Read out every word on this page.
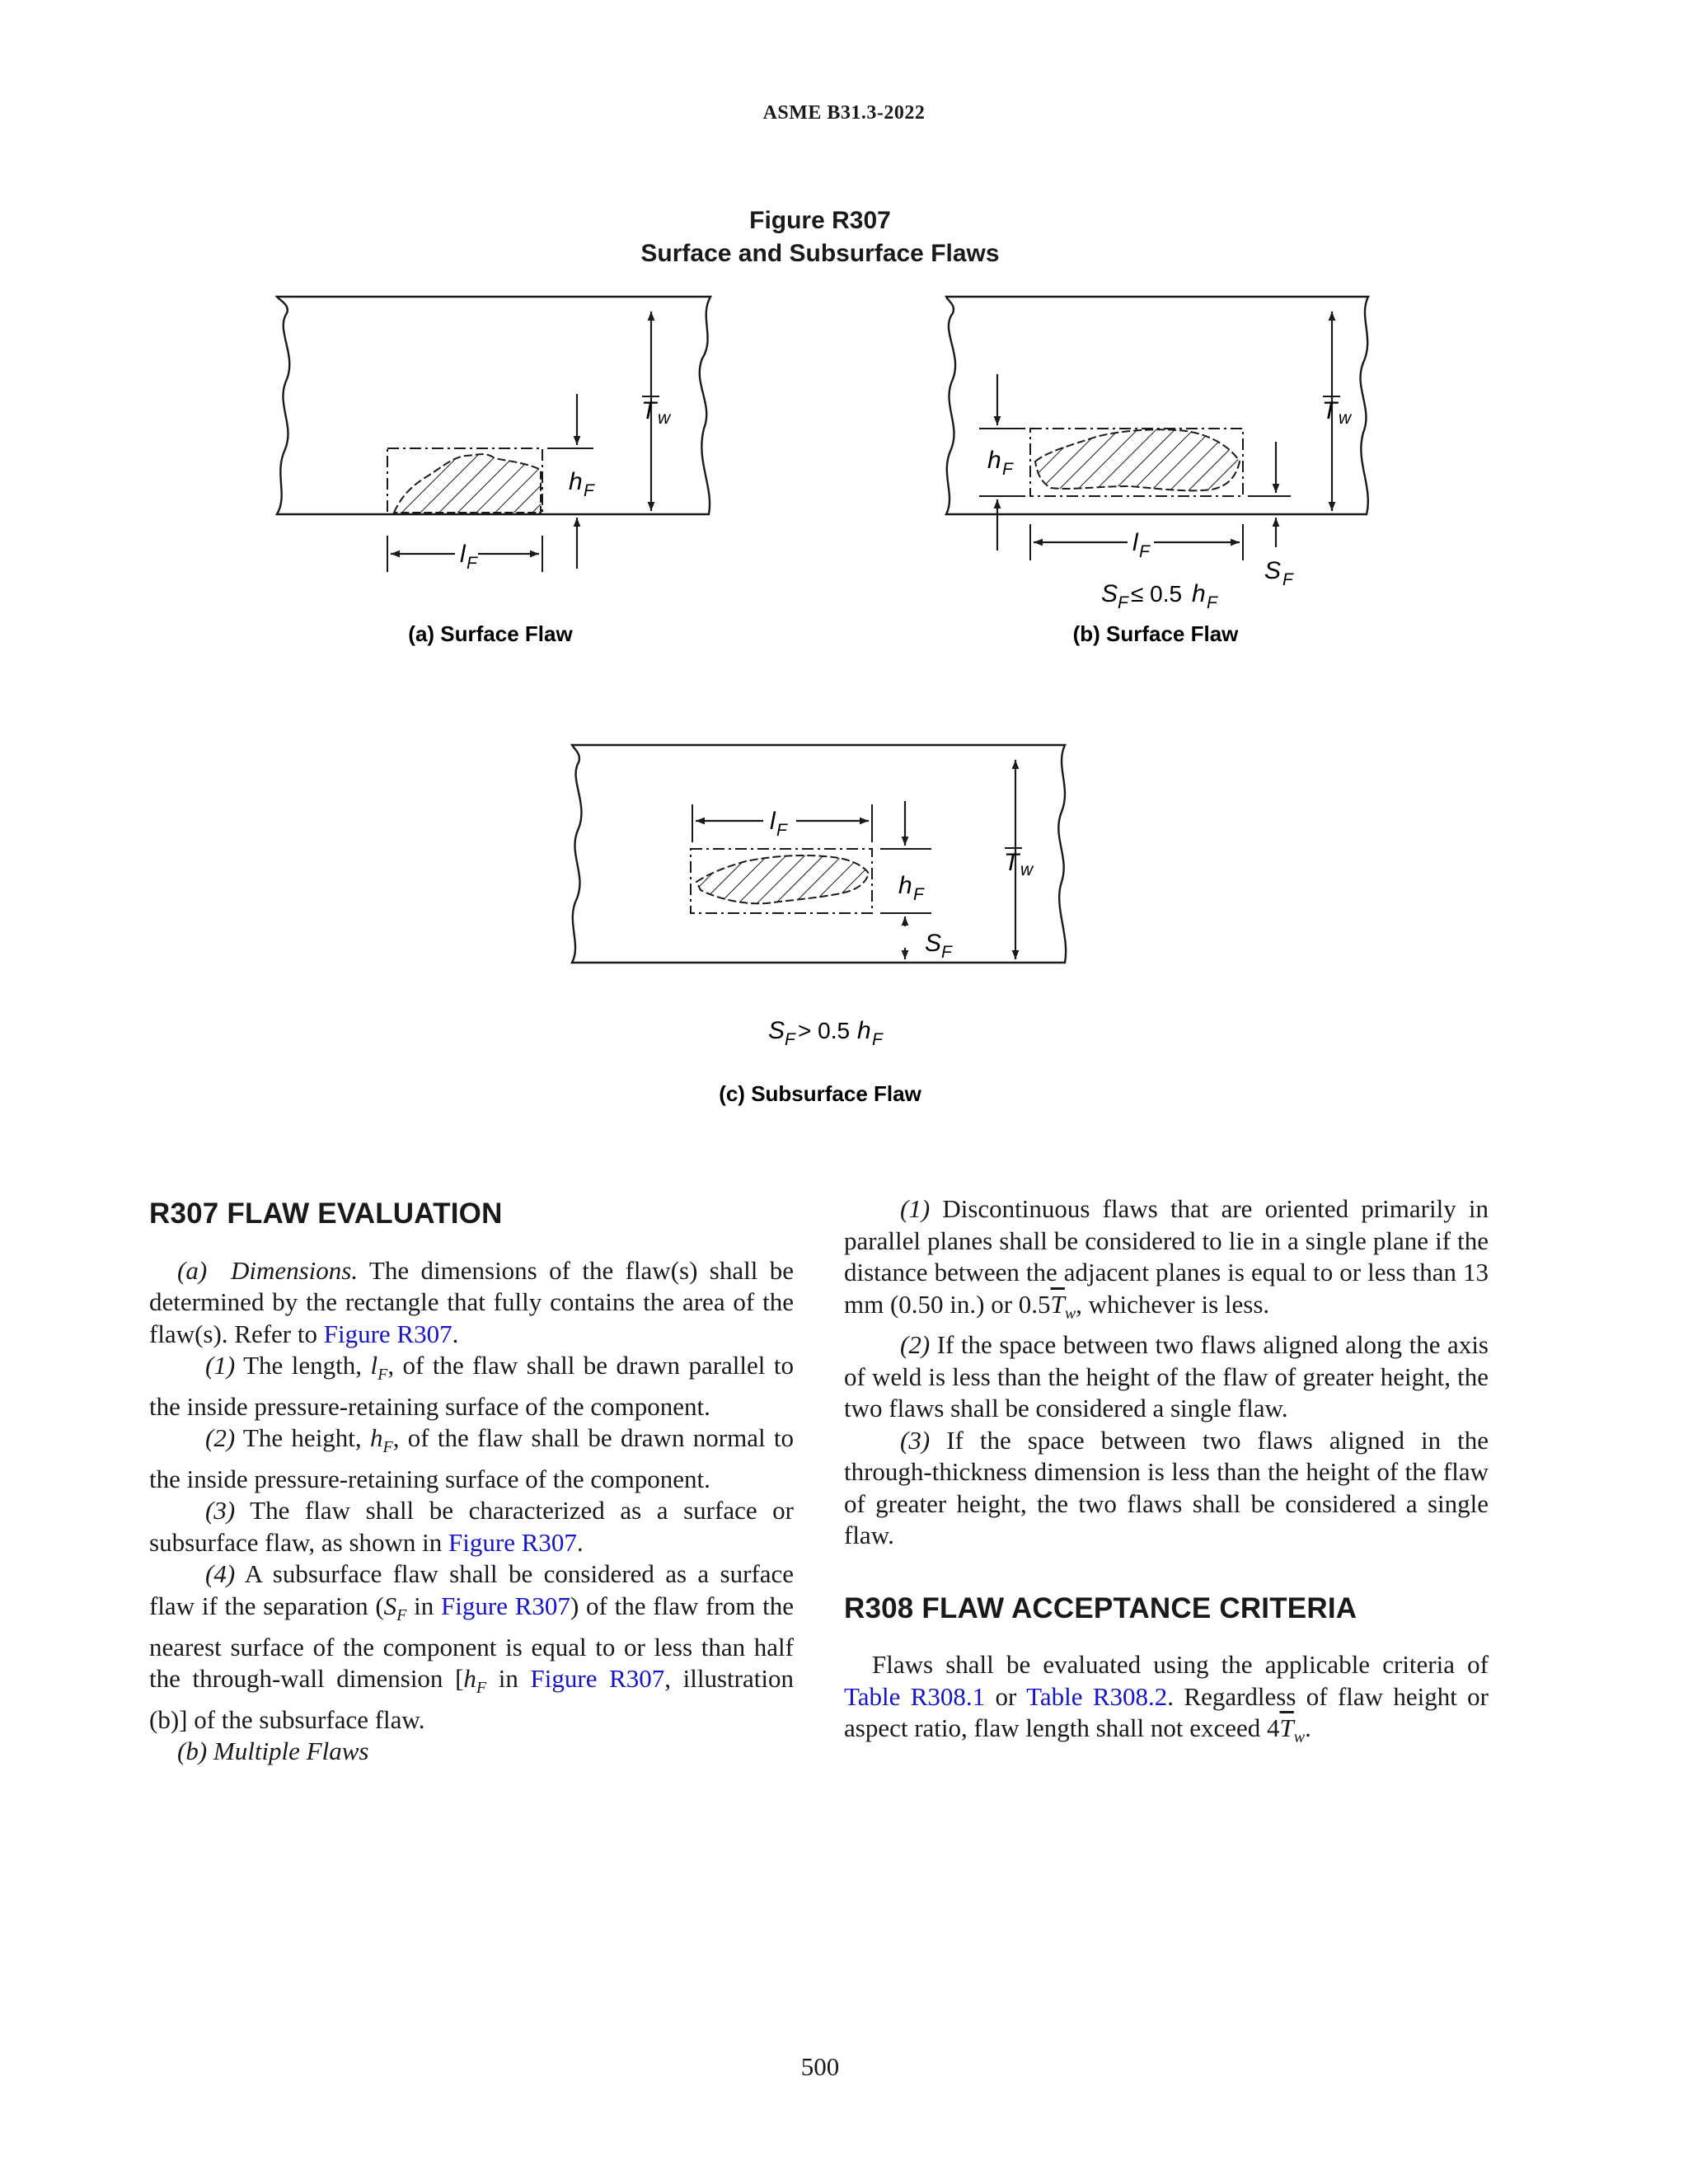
ASME B31.3-2022
Figure R307
Surface and Subsurface Flaws
T w
h F
l F
(a) Surface Flaw
T w
h F
S F
l F
S F ≤ 0.5 h F
(b) Surface Flaw
T w
l F
h F
S F
S F > 0.5 h F
(c) Subsurface Flaw
R307 FLAW EVALUATION

(a) Dimensions. The dimensions of the flaw(s) shall be determined by the rectangle that fully contains the area of the flaw(s). Refer to Figure R307.

(1) The length, $l_F$, of the flaw shall be drawn parallel to the inside pressure-retaining surface of the component.

(2) The height, $h_F$, of the flaw shall be drawn normal to the inside pressure-retaining surface of the component.

(3) The flaw shall be characterized as a surface or subsurface flaw, as shown in Figure R307.

(4) A subsurface flaw shall be considered as a surface flaw if the separation ($S_F$ in Figure R307) of the flaw from the nearest surface of the component is equal to or less than half the through-wall dimension [$h_F$ in Figure R307, illustration (b)] of the subsurface flaw.

(b) Multiple Flaws

(1) Discontinuous flaws that are oriented primarily in parallel planes shall be considered to lie in a single plane if the distance between the adjacent planes is equal to or less than 13 mm (0.50 in.) or $0.5\overline{T}_w$, whichever is less.

(2) If the space between two flaws aligned along the axis of weld is less than the height of the flaw of greater height, the two flaws shall be considered a single flaw.

(3) If the space between two flaws aligned in the through-thickness dimension is less than the height of the flaw of greater height, the two flaws shall be considered a single flaw.

R308 FLAW ACCEPTANCE CRITERIA

Flaws shall be evaluated using the applicable criteria of Table R308.1 or Table R308.2. Regardless of flaw height or aspect ratio, flaw length shall not exceed $4\overline{T}_w$.

500
